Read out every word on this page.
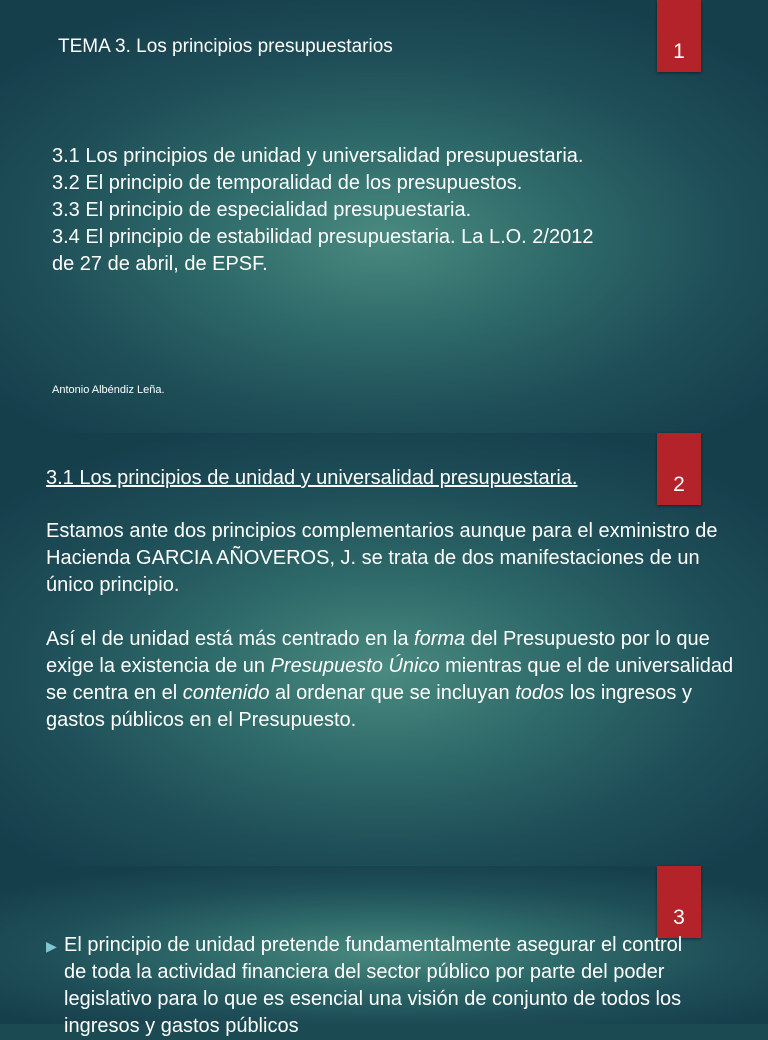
1
TEMA 3. Los principios presupuestarios
3.1 Los principios de unidad y universalidad presupuestaria.
3.2 El principio de temporalidad de los presupuestos.
3.3 El principio de especialidad presupuestaria.
3.4 El principio de estabilidad presupuestaria. La L.O. 2/2012 de 27 de abril, de EPSF.
Antonio Albéndiz Leña.
2
3.1 Los principios de unidad y universalidad presupuestaria.

Estamos ante dos principios complementarios aunque para el exministro de Hacienda GARCIA AÑOVEROS, J. se trata de dos manifestaciones de un único principio.

Así el de unidad está más centrado en la forma del Presupuesto por lo que exige la existencia de un Presupuesto Único mientras que el de universalidad se centra en el contenido al ordenar que se incluyan todos los ingresos y gastos públicos en el Presupuesto.

3
▶ El principio de unidad pretende fundamentalmente asegurar el control de toda la actividad financiera del sector público por parte del poder legislativo para lo que es esencial una visión de conjunto de todos los ingresos y gastos públicos
